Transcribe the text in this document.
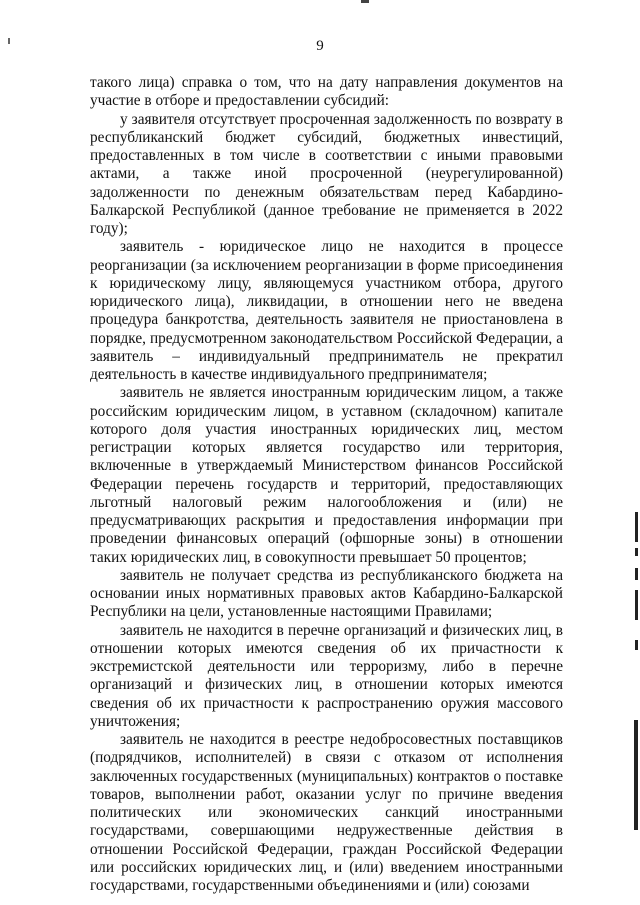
9

такого лица) справка о том, что на дату направления документов на участие в отборе и предоставлении субсидий:

у заявителя отсутствует просроченная задолженность по возврату в республиканский бюджет субсидий, бюджетных инвестиций, предоставленных в том числе в соответствии с иными правовыми актами, а также иной просроченной (неурегулированной) задолженности по денежным обязательствам перед Кабардино-Балкарской Республикой (данное требование не применяется в 2022 году);

заявитель - юридическое лицо не находится в процессе реорганизации (за исключением реорганизации в форме присоединения к юридическому лицу, являющемуся участником отбора, другого юридического лица), ликвидации, в отношении него не введена процедура банкротства, деятельность заявителя не приостановлена в порядке, предусмотренном законодательством Российской Федерации, а заявитель – индивидуальный предприниматель не прекратил деятельность в качестве индивидуального предпринимателя;

заявитель не является иностранным юридическим лицом, а также российским юридическим лицом, в уставном (складочном) капитале которого доля участия иностранных юридических лиц, местом регистрации которых является государство или территория, включенные в утверждаемый Министерством финансов Российской Федерации перечень государств и территорий, предоставляющих льготный налоговый режим налогообложения и (или) не предусматривающих раскрытия и предоставления информации при проведении финансовых операций (офшорные зоны) в отношении таких юридических лиц, в совокупности превышает 50 процентов;

заявитель не получает средства из республиканского бюджета на основании иных нормативных правовых актов Кабардино-Балкарской Республики на цели, установленные настоящими Правилами;

заявитель не находится в перечне организаций и физических лиц, в отношении которых имеются сведения об их причастности к экстремистской деятельности или терроризму, либо в перечне организаций и физических лиц, в отношении которых имеются сведения об их причастности к распространению оружия массового уничтожения;

заявитель не находится в реестре недобросовестных поставщиков (подрядчиков, исполнителей) в связи с отказом от исполнения заключенных государственных (муниципальных) контрактов о поставке товаров, выполнении работ, оказании услуг по причине введения политических или экономических санкций иностранными государствами, совершающими недружественные действия в отношении Российской Федерации, граждан Российской Федерации или российских юридических лиц, и (или) введением иностранными государствами, государственными объединениями и (или) союзами
